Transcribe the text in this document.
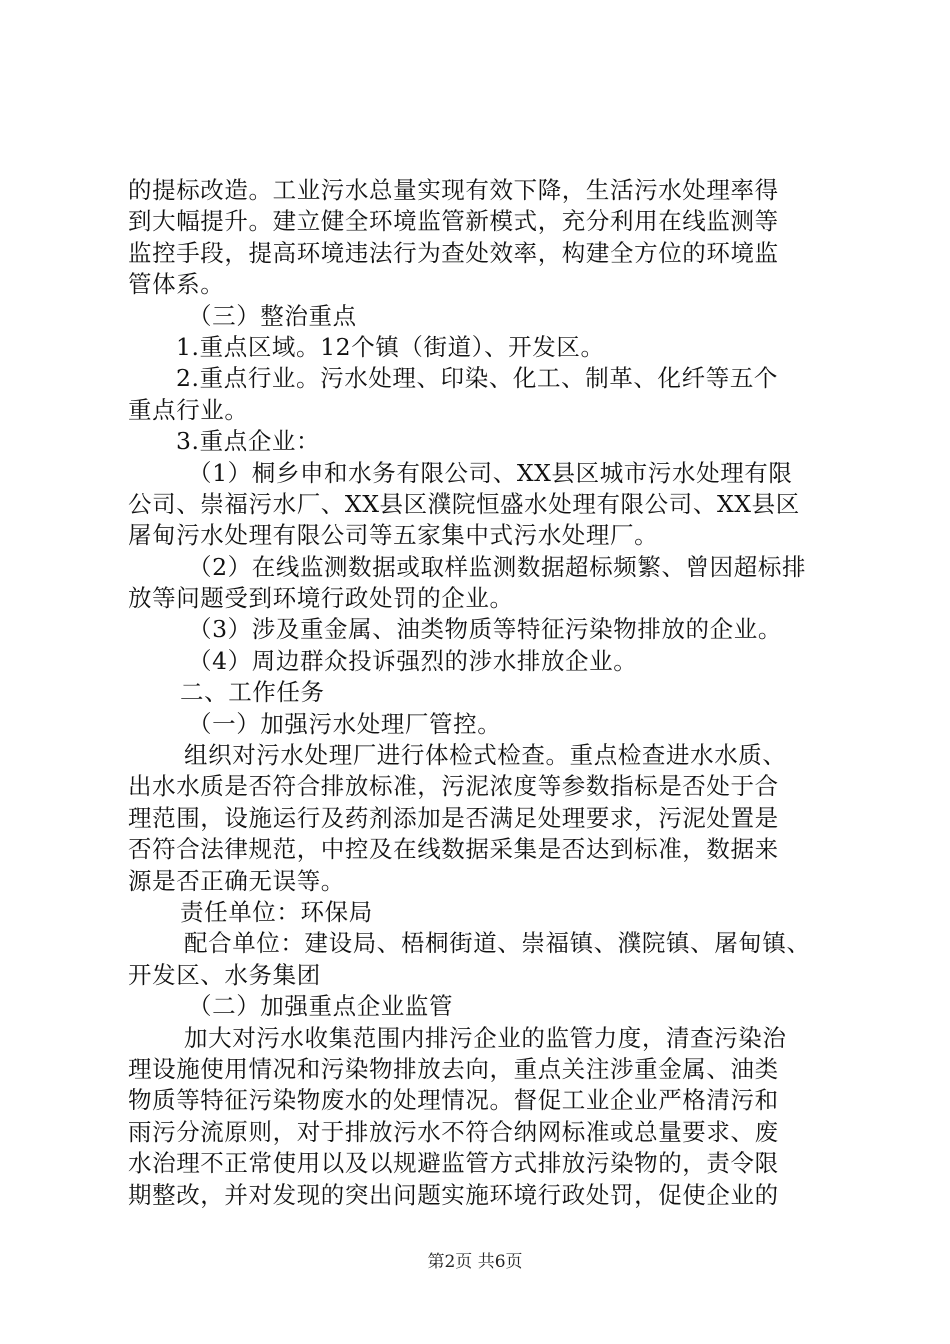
的提标改造。工业污水总量实现有效下降，生活污水处理率得
到大幅提升。建立健全环境监管新模式，充分利用在线监测等
监控手段，提高环境违法行为查处效率，构建全方位的环境监
管体系。
（三）整治重点
1.重点区域。12个镇（街道）、开发区。
2.重点行业。污水处理、印染、化工、制革、化纤等五个
重点行业。
3.重点企业：
（1）桐乡申和水务有限公司、XX县区城市污水处理有限
公司、崇福污水厂、XX县区濮院恒盛水处理有限公司、XX县区
屠甸污水处理有限公司等五家集中式污水处理厂。
（2）在线监测数据或取样监测数据超标频繁、曾因超标排
放等问题受到环境行政处罚的企业。
（3）涉及重金属、油类物质等特征污染物排放的企业。
（4）周边群众投诉强烈的涉水排放企业。
二、工作任务
（一）加强污水处理厂管控。
组织对污水处理厂进行体检式检查。重点检查进水水质、
出水水质是否符合排放标准，污泥浓度等参数指标是否处于合
理范围，设施运行及药剂添加是否满足处理要求，污泥处置是
否符合法律规范，中控及在线数据采集是否达到标准，数据来
源是否正确无误等。
责任单位：环保局
配合单位：建设局、梧桐街道、崇福镇、濮院镇、屠甸镇、
开发区、水务集团
（二）加强重点企业监管
加大对污水收集范围内排污企业的监管力度，清查污染治
理设施使用情况和污染物排放去向，重点关注涉重金属、油类
物质等特征污染物废水的处理情况。督促工业企业严格清污和
雨污分流原则，对于排放污水不符合纳网标准或总量要求、废
水治理不正常使用以及以规避监管方式排放污染物的，责令限
期整改，并对发现的突出问题实施环境行政处罚，促使企业的
第2页 共6页
